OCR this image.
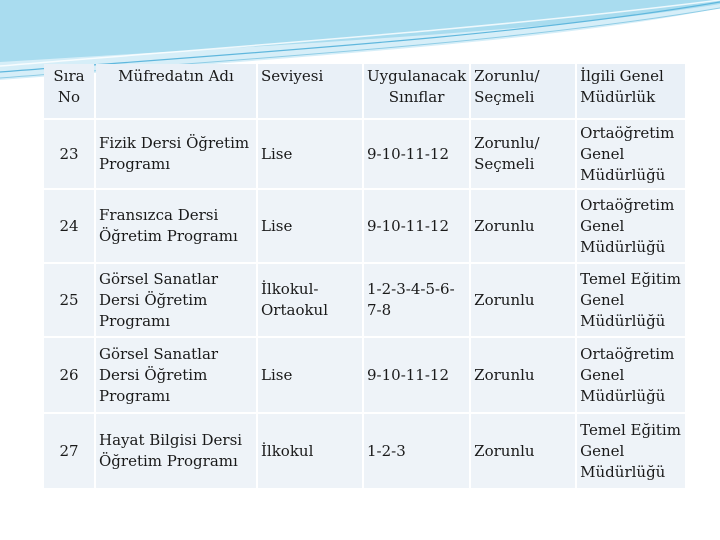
Sıra No	Müfredatın Adı	Seviyesi	Uygulanacak Sınıflar	Zorunlu/ Seçmeli	İlgili Genel Müdürlük
23	Fizik Dersi Öğretim Programı	Lise	9-10-11-12	Zorunlu/ Seçmeli	Ortaöğretim Genel Müdürlüğü
24	Fransızca Dersi Öğretim Programı	Lise	9-10-11-12	Zorunlu	Ortaöğretim Genel Müdürlüğü
25	Görsel Sanatlar Dersi Öğretim Programı	İlkokul-Ortaokul	1-2-3-4-5-6-7-8	Zorunlu	Temel Eğitim Genel Müdürlüğü
26	Görsel Sanatlar Dersi Öğretim Programı	Lise	9-10-11-12	Zorunlu	Ortaöğretim Genel Müdürlüğü
27	Hayat Bilgisi Dersi Öğretim Programı	İlkokul	1-2-3	Zorunlu	Temel Eğitim Genel Müdürlüğü
